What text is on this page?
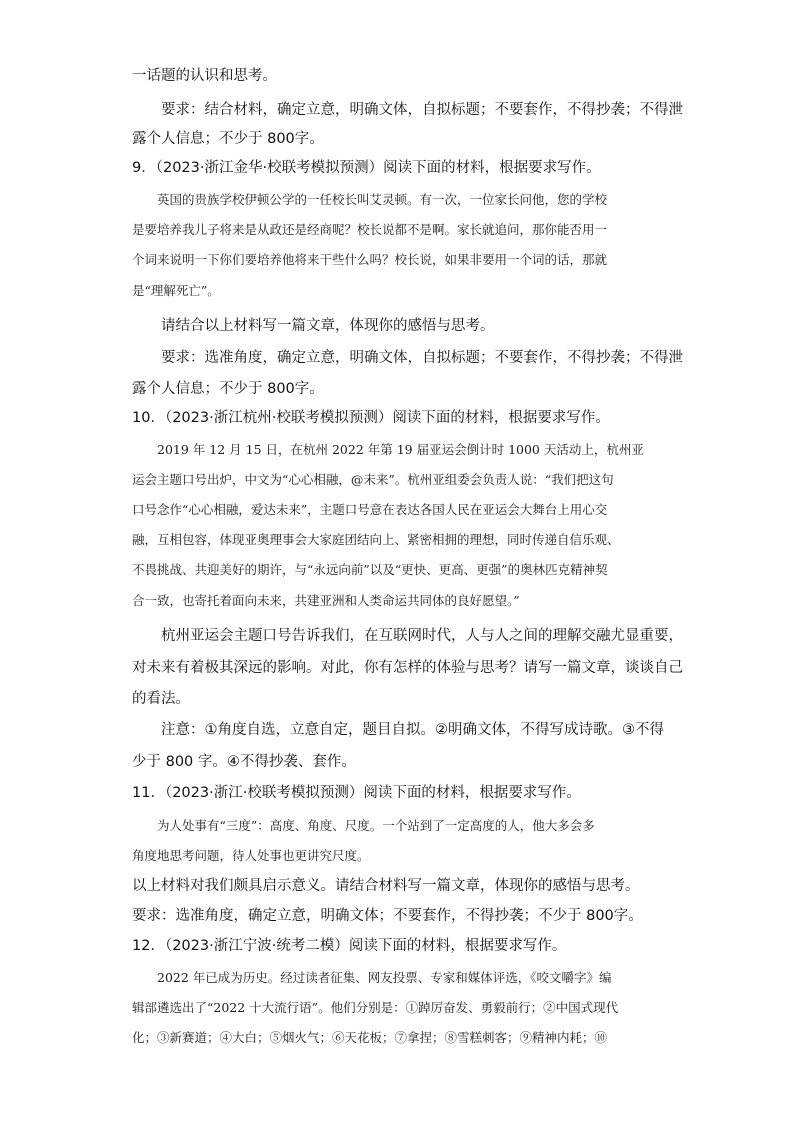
一话题的认识和思考。
　　要求：结合材料，确定立意，明确文体，自拟标题；不要套作，不得抄袭；不得泄
露个人信息；不少于 800字。
9．（2023·浙江金华·校联考模拟预测）阅读下面的材料，根据要求写作。
　　英国的贵族学校伊顿公学的一任校长叫艾灵顿。有一次，一位家长问他，您的学校
是要培养我儿子将来是从政还是经商呢？校长说都不是啊。家长就追问，那你能否用一
个词来说明一下你们要培养他将来干些什么吗？校长说，如果非要用一个词的话，那就
是“理解死亡”。
　　请结合以上材料写一篇文章，体现你的感悟与思考。
　　要求：选准角度，确定立意，明确文体，自拟标题；不要套作，不得抄袭；不得泄
露个人信息；不少于 800字。
10．（2023·浙江杭州·校联考模拟预测）阅读下面的材料，根据要求写作。
　　2019 年 12 月 15 日，在杭州 2022 年第 19 届亚运会倒计时 1000 天活动上，杭州亚
运会主题口号出炉，中文为“心心相融，@未来”。杭州亚组委会负责人说：“我们把这句
口号念作“心心相融，爱达未来”，主题口号意在表达各国人民在亚运会大舞台上用心交
融，互相包容，体现亚奥理事会大家庭团结向上、紧密相拥的理想，同时传递自信乐观、
不畏挑战、共迎美好的期许，与“永远向前”以及“更快、更高、更强”的奥林匹克精神契
合一致，也寄托着面向未来，共建亚洲和人类命运共同体的良好愿望。”
　　杭州亚运会主题口号告诉我们，在互联网时代，人与人之间的理解交融尤显重要，
对未来有着极其深远的影响。对此，你有怎样的体验与思考？请写一篇文章，谈谈自己
的看法。
　　注意：①角度自选，立意自定，题目自拟。②明确文体，不得写成诗歌。③不得
少于 800 字。④不得抄袭、套作。
11．（2023·浙江·校联考模拟预测）阅读下面的材料，根据要求写作。
　　为人处事有“三度”：高度、角度、尺度。一个站到了一定高度的人，他大多会多
角度地思考问题，待人处事也更讲究尺度。
以上材料对我们颇具启示意义。请结合材料写一篇文章，体现你的感悟与思考。
要求：选准角度，确定立意，明确文体；不要套作，不得抄袭；不少于 800字。
12．（2023·浙江宁波·统考二模）阅读下面的材料，根据要求写作。
　　2022 年已成为历史。经过读者征集、网友投票、专家和媒体评选，《咬文嚼字》编
辑部遴选出了“2022 十大流行语”。他们分别是：①踔厉奋发、勇毅前行；②中国式现代
化；③新赛道；④大白；⑤烟火气；⑥天花板；⑦拿捏；⑧雪糕刺客；⑨精神内耗；⑩
